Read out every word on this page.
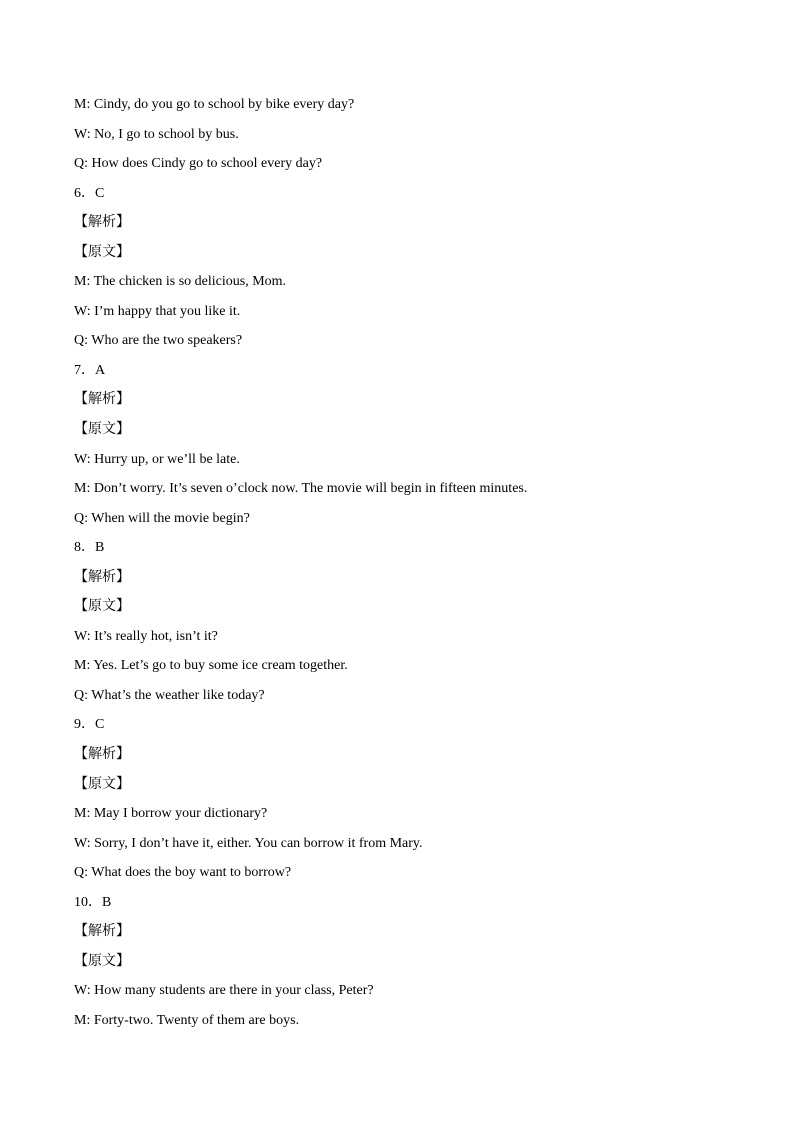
M: Cindy, do you go to school by bike every day?
W: No, I go to school by bus.
Q: How does Cindy go to school every day?
6．C
【解析】
【原文】
M: The chicken is so delicious, Mom.
W: I’m happy that you like it.
Q: Who are the two speakers?
7．A
【解析】
【原文】
W: Hurry up, or we’ll be late.
M: Don’t worry. It’s seven o’clock now. The movie will begin in fifteen minutes.
Q: When will the movie begin?
8．B
【解析】
【原文】
W: It’s really hot, isn’t it?
M: Yes. Let’s go to buy some ice cream together.
Q: What’s the weather like today?
9．C
【解析】
【原文】
M: May I borrow your dictionary?
W: Sorry, I don’t have it, either. You can borrow it from Mary.
Q: What does the boy want to borrow?
10．B
【解析】
【原文】
W: How many students are there in your class, Peter?
M: Forty-two. Twenty of them are boys.
